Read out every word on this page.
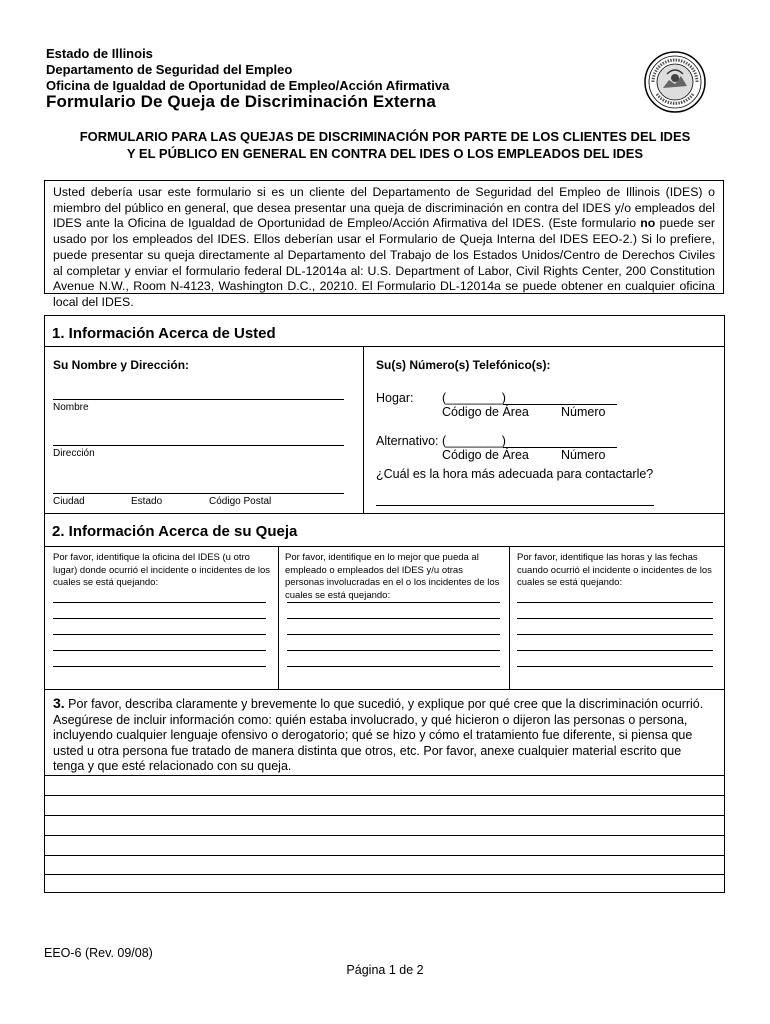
Estado de Illinois
Departamento de Seguridad del Empleo
Oficina de Igualdad de Oportunidad de Empleo/Acción Afirmativa
Formulario De Queja de Discriminación Externa
FORMULARIO PARA LAS QUEJAS DE DISCRIMINACIÓN POR PARTE DE LOS CLIENTES DEL IDES
Y EL PÚBLICO EN GENERAL EN CONTRA DEL IDES O LOS EMPLEADOS DEL IDES
Usted debería usar este formulario si es un cliente del Departamento de Seguridad del Empleo de Illinois (IDES) o miembro del público en general, que desea presentar una queja de discriminación en contra del IDES y/o empleados del IDES ante la Oficina de Igualdad de Oportunidad de Empleo/Acción Afirmativa del IDES. (Este formulario no puede ser usado por los empleados del IDES. Ellos deberían usar el Formulario de Queja Interna del IDES EEO-2.) Si lo prefiere, puede presentar su queja directamente al Departamento del Trabajo de los Estados Unidos/Centro de Derechos Civiles al completar y enviar el formulario federal DL-12014a al: U.S. Department of Labor, Civil Rights Center, 200 Constitution Avenue N.W., Room N-4123, Washington D.C., 20210. El Formulario DL-12014a se puede obtener en cualquier oficina local del IDES.
1. Información Acerca de Usted
Su Nombre y Dirección:	Su(s) Número(s) Telefónico(s):
Nombre
Dirección
Ciudad	Estado	Código Postal
Hogar: (________)
Código de Área	Número
Alternativo: (________)
Código de Área	Número
¿Cuál es la hora más adecuada para contactarle?
2. Información Acerca de su Queja
Por favor, identifique la oficina del IDES (u otro lugar) donde ocurrió el incidente o incidentes de los cuales se está quejando:
Por favor, identifique en lo mejor que pueda al empleado o empleados del IDES y/u otras personas involucradas en el o los incidentes de los cuales se está quejando:
Por favor, identifique las horas y las fechas cuando ocurrió el incidente o incidentes de los cuales se está quejando:
3. Por favor, describa claramente y brevemente lo que sucedió, y explique por qué cree que la discriminación ocurrió. Asegúrese de incluir información como: quién estaba involucrado, y qué hicieron o dijeron las personas o persona, incluyendo cualquier lenguaje ofensivo o derogatorio; qué se hizo y cómo el tratamiento fue diferente, si piensa que usted u otra persona fue tratado de manera distinta que otros, etc. Por favor, anexe cualquier material escrito que tenga y que esté relacionado con su queja.
EEO-6 (Rev. 09/08)
Página 1 de 2
